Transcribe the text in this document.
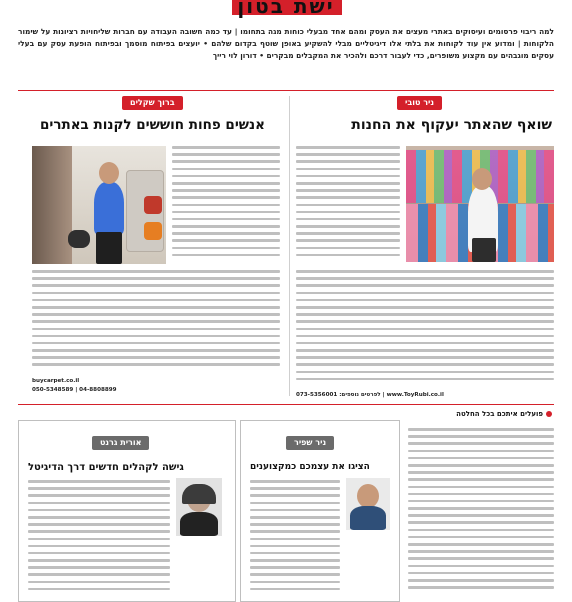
ישת בטון
למה ריבוי פרסומים ועיסוקים באתרי מעצים את העסק ומהם אחד מבעלי כוחות מגה בתחומו | עד כמה חשובה העבודה עם חברות שליחויות רציונות על שימור הלקוחות | ומדוע אין עוד לקוחות את בלתי אלו דיגיטליים מבלי להשקיע באופן שוטף בקדום שלהם • יועצים בפיתוח מוסמך ובפיתוח הופעת עסק עם בעלי עסקים מוגבהים עם מקצוע משופרים, כדי לעבור דרכם ולהכיר את המקבלים מבקרים • דורון לוי רייך
ניר טובי
שואף שהאתר יעקוף את החנות
לפרטים נוספים: 073-5356001 | www.ToyRubi.co.il
ברוך שקלים
אנשים פחות חוששים לקנות באתרים
buycarpet.co.il
050-5348589 | 04-8808899
אורית גרנט
גישה לקהלים חדשים דרך הדיגיטל
ניר שפיר
הציגו את עצמכם כמקצוענים
פועלים איתכם בכל החלטה
